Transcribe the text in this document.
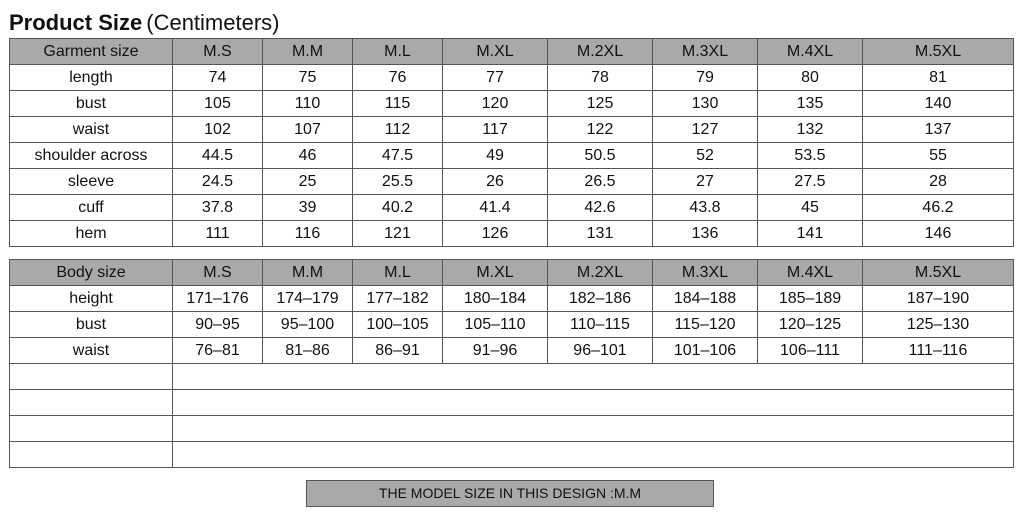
Product Size (Centimeters)
Garment size	M.S	M.M	M.L	M.XL	M.2XL	M.3XL	M.4XL	M.5XL
length	74	75	76	77	78	79	80	81
bust	105	110	115	120	125	130	135	140
waist	102	107	112	117	122	127	132	137
shoulder across	44.5	46	47.5	49	50.5	52	53.5	55
sleeve	24.5	25	25.5	26	26.5	27	27.5	28
cuff	37.8	39	40.2	41.4	42.6	43.8	45	46.2
hem	111	116	121	126	131	136	141	146
Body size	M.S	M.M	M.L	M.XL	M.2XL	M.3XL	M.4XL	M.5XL
height	171–176	174–179	177–182	180–184	182–186	184–188	185–189	187–190
bust	90–95	95–100	100–105	105–110	110–115	115–120	120–125	125–130
waist	76–81	81–86	86–91	91–96	96–101	101–106	106–111	111–116

THE MODEL SIZE IN THIS DESIGN :M.M
